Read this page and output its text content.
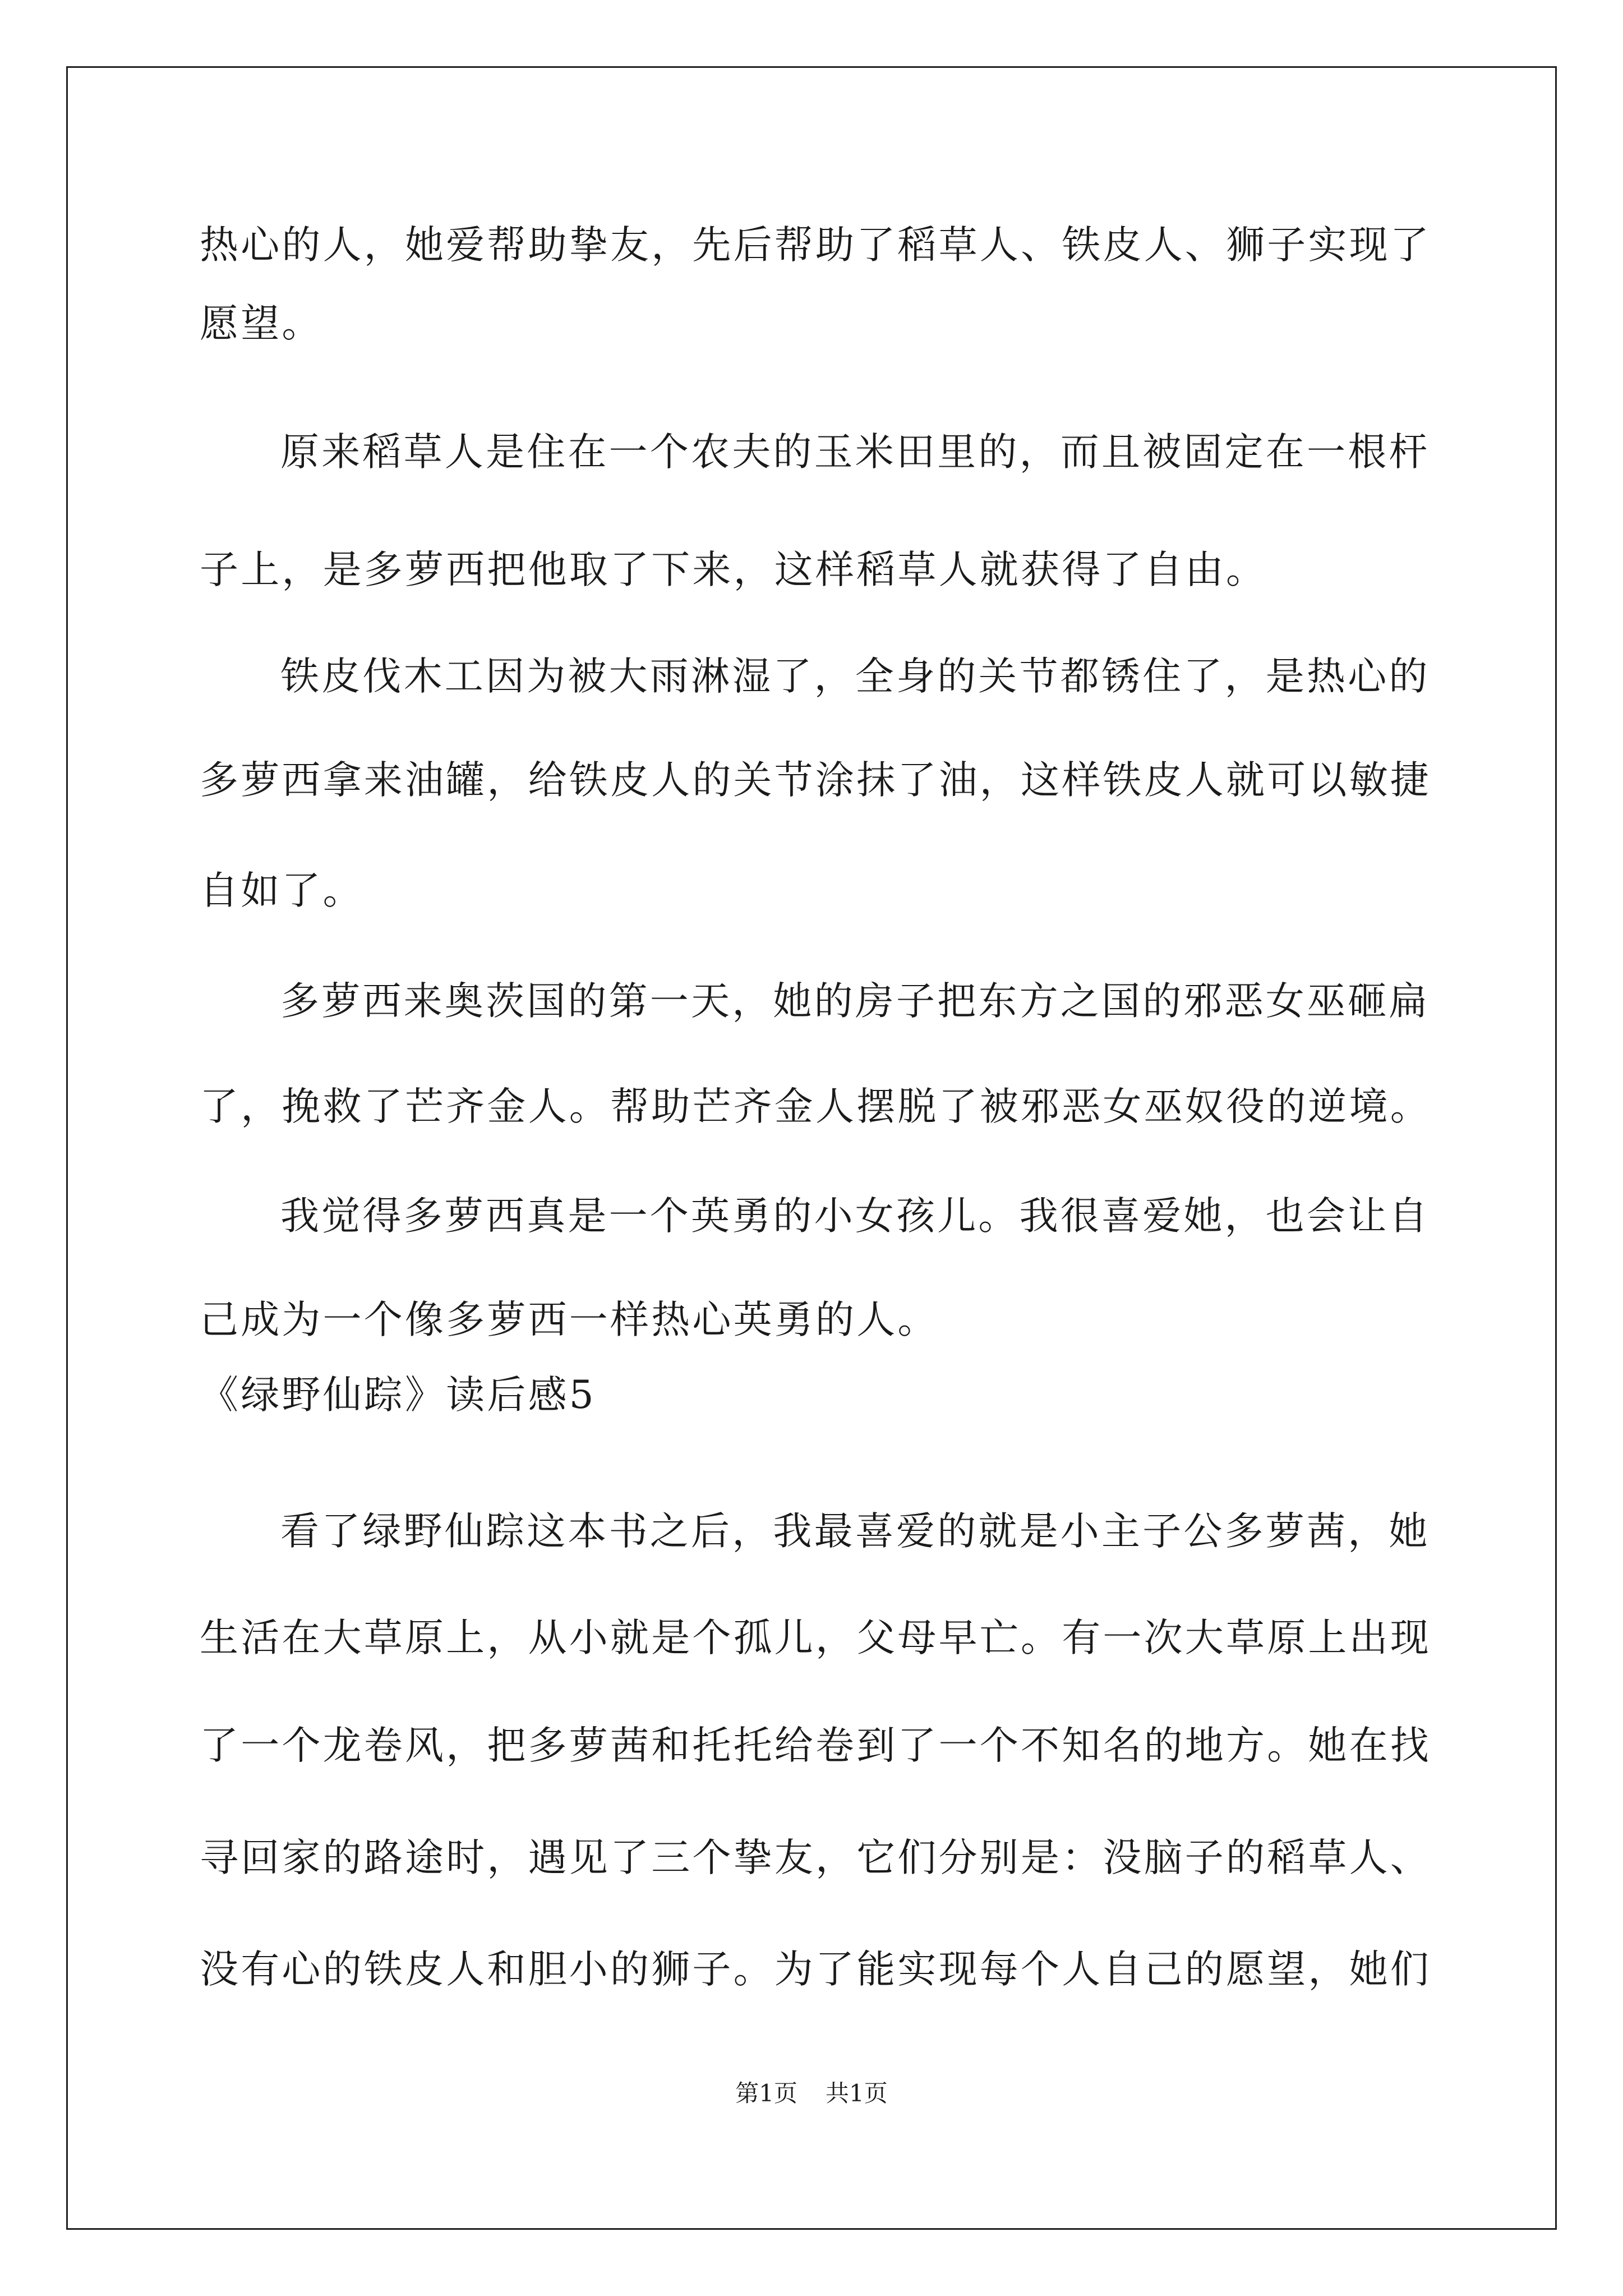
热心的人，她爱帮助挚友，先后帮助了稻草人、铁皮人、狮子实现了
愿望。
原来稻草人是住在一个农夫的玉米田里的，而且被固定在一根杆
子上，是多萝西把他取了下来，这样稻草人就获得了自由。
铁皮伐木工因为被大雨淋湿了，全身的关节都锈住了，是热心的
多萝西拿来油罐，给铁皮人的关节涂抹了油，这样铁皮人就可以敏捷
自如了。
多萝西来奥茨国的第一天，她的房子把东方之国的邪恶女巫砸扁
了，挽救了芒齐金人。帮助芒齐金人摆脱了被邪恶女巫奴役的逆境。
我觉得多萝西真是一个英勇的小女孩儿。我很喜爱她，也会让自
己成为一个像多萝西一样热心英勇的人。
《绿野仙踪》读后感5
看了绿野仙踪这本书之后，我最喜爱的就是小主子公多萝茜，她
生活在大草原上，从小就是个孤儿，父母早亡。有一次大草原上出现
了一个龙卷风，把多萝茜和托托给卷到了一个不知名的地方。她在找
寻回家的路途时，遇见了三个挚友，它们分别是：没脑子的稻草人、
没有心的铁皮人和胆小的狮子。为了能实现每个人自己的愿望，她们
第1页 共1页
